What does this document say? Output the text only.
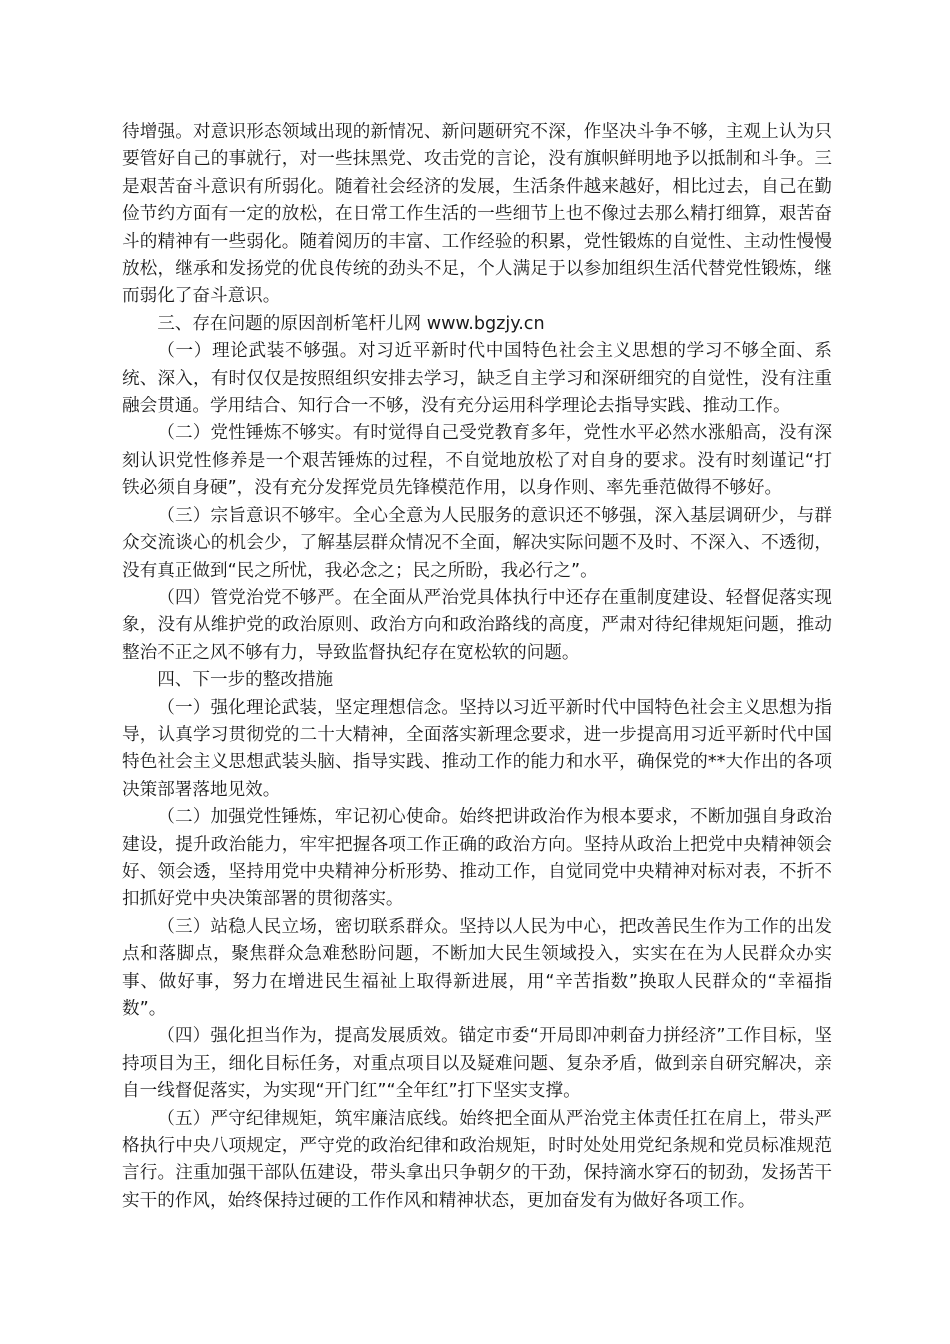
待增强。对意识形态领域出现的新情况、新问题研究不深，作坚决斗争不够，主观上认为只要管好自己的事就行，对一些抹黑党、攻击党的言论，没有旗帜鲜明地予以抵制和斗争。三是艰苦奋斗意识有所弱化。随着社会经济的发展，生活条件越来越好，相比过去，自己在勤俭节约方面有一定的放松，在日常工作生活的一些细节上也不像过去那么精打细算，艰苦奋斗的精神有一些弱化。随着阅历的丰富、工作经验的积累，党性锻炼的自觉性、主动性慢慢放松，继承和发扬党的优良传统的劲头不足，个人满足于以参加组织生活代替党性锻炼，继而弱化了奋斗意识。

三、存在问题的原因剖析笔杆儿网 www.bgzjy.cn

（一）理论武装不够强。对习近平新时代中国特色社会主义思想的学习不够全面、系统、深入，有时仅仅是按照组织安排去学习，缺乏自主学习和深研细究的自觉性，没有注重融会贯通。学用结合、知行合一不够，没有充分运用科学理论去指导实践、推动工作。

（二）党性锤炼不够实。有时觉得自己受党教育多年，党性水平必然水涨船高，没有深刻认识党性修养是一个艰苦锤炼的过程，不自觉地放松了对自身的要求。没有时刻谨记“打铁必须自身硬”，没有充分发挥党员先锋模范作用，以身作则、率先垂范做得不够好。

（三）宗旨意识不够牢。全心全意为人民服务的意识还不够强，深入基层调研少，与群众交流谈心的机会少，了解基层群众情况不全面，解决实际问题不及时、不深入、不透彻，没有真正做到“民之所忧，我必念之；民之所盼，我必行之”。

（四）管党治党不够严。在全面从严治党具体执行中还存在重制度建设、轻督促落实现象，没有从维护党的政治原则、政治方向和政治路线的高度，严肃对待纪律规矩问题，推动整治不正之风不够有力，导致监督执纪存在宽松软的问题。

四、下一步的整改措施

（一）强化理论武装，坚定理想信念。坚持以习近平新时代中国特色社会主义思想为指导，认真学习贯彻党的二十大精神，全面落实新理念要求，进一步提高用习近平新时代中国特色社会主义思想武装头脑、指导实践、推动工作的能力和水平，确保党的**大作出的各项决策部署落地见效。

（二）加强党性锤炼，牢记初心使命。始终把讲政治作为根本要求，不断加强自身政治建设，提升政治能力，牢牢把握各项工作正确的政治方向。坚持从政治上把党中央精神领会好、领会透，坚持用党中央精神分析形势、推动工作，自觉同党中央精神对标对表，不折不扣抓好党中央决策部署的贯彻落实。

（三）站稳人民立场，密切联系群众。坚持以人民为中心，把改善民生作为工作的出发点和落脚点，聚焦群众急难愁盼问题，不断加大民生领域投入，实实在在为人民群众办实事、做好事，努力在增进民生福祉上取得新进展，用“辛苦指数”换取人民群众的“幸福指数”。

（四）强化担当作为，提高发展质效。锚定市委“开局即冲刺奋力拼经济”工作目标，坚持项目为王，细化目标任务，对重点项目以及疑难问题、复杂矛盾，做到亲自研究解决，亲自一线督促落实，为实现“开门红”“全年红”打下坚实支撑。

（五）严守纪律规矩，筑牢廉洁底线。始终把全面从严治党主体责任扛在肩上，带头严格执行中央八项规定，严守党的政治纪律和政治规矩，时时处处用党纪条规和党员标准规范言行。注重加强干部队伍建设，带头拿出只争朝夕的干劲，保持滴水穿石的韧劲，发扬苦干实干的作风，始终保持过硬的工作作风和精神状态，更加奋发有为做好各项工作。
